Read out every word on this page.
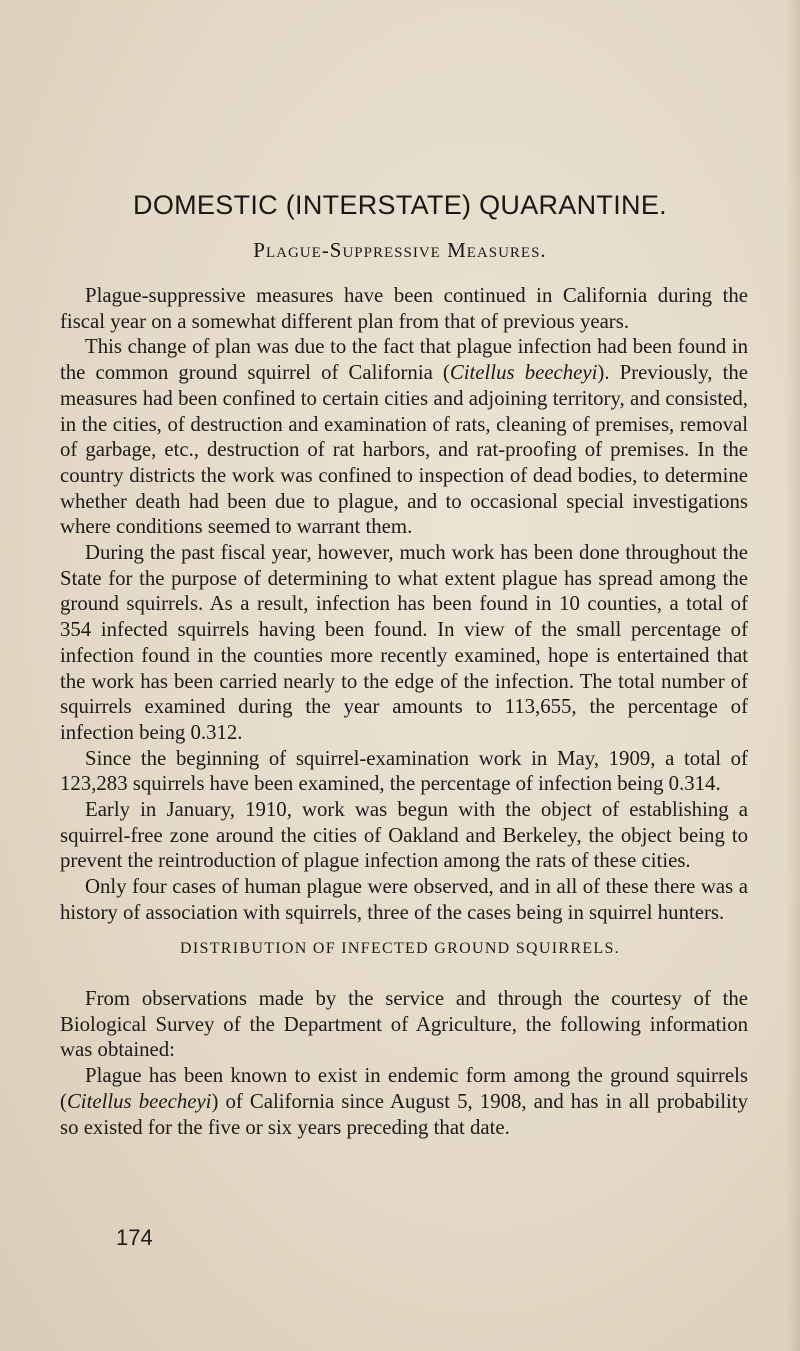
DOMESTIC (INTERSTATE) QUARANTINE.
Plague-Suppressive Measures.

Plague-suppressive measures have been continued in California during the fiscal year on a somewhat different plan from that of previous years.

This change of plan was due to the fact that plague infection had been found in the common ground squirrel of California (Citellus beecheyi). Previously, the measures had been confined to certain cities and adjoining territory, and consisted, in the cities, of destruction and examination of rats, cleaning of premises, removal of garbage, etc., destruction of rat harbors, and rat-proofing of premises. In the country districts the work was confined to inspection of dead bodies, to determine whether death had been due to plague, and to occasional special investigations where conditions seemed to warrant them.

During the past fiscal year, however, much work has been done throughout the State for the purpose of determining to what extent plague has spread among the ground squirrels. As a result, infection has been found in 10 counties, a total of 354 infected squirrels having been found. In view of the small percentage of infection found in the counties more recently examined, hope is entertained that the work has been carried nearly to the edge of the infection. The total number of squirrels examined during the year amounts to 113,655, the percentage of infection being 0.312.

Since the beginning of squirrel-examination work in May, 1909, a total of 123,283 squirrels have been examined, the percentage of infection being 0.314.

Early in January, 1910, work was begun with the object of establishing a squirrel-free zone around the cities of Oakland and Berkeley, the object being to prevent the reintroduction of plague infection among the rats of these cities.

Only four cases of human plague were observed, and in all of these there was a history of association with squirrels, three of the cases being in squirrel hunters.

DISTRIBUTION OF INFECTED GROUND SQUIRRELS.

From observations made by the service and through the courtesy of the Biological Survey of the Department of Agriculture, the following information was obtained:

Plague has been known to exist in endemic form among the ground squirrels (Citellus beecheyi) of California since August 5, 1908, and has in all probability so existed for the five or six years preceding that date.

174
